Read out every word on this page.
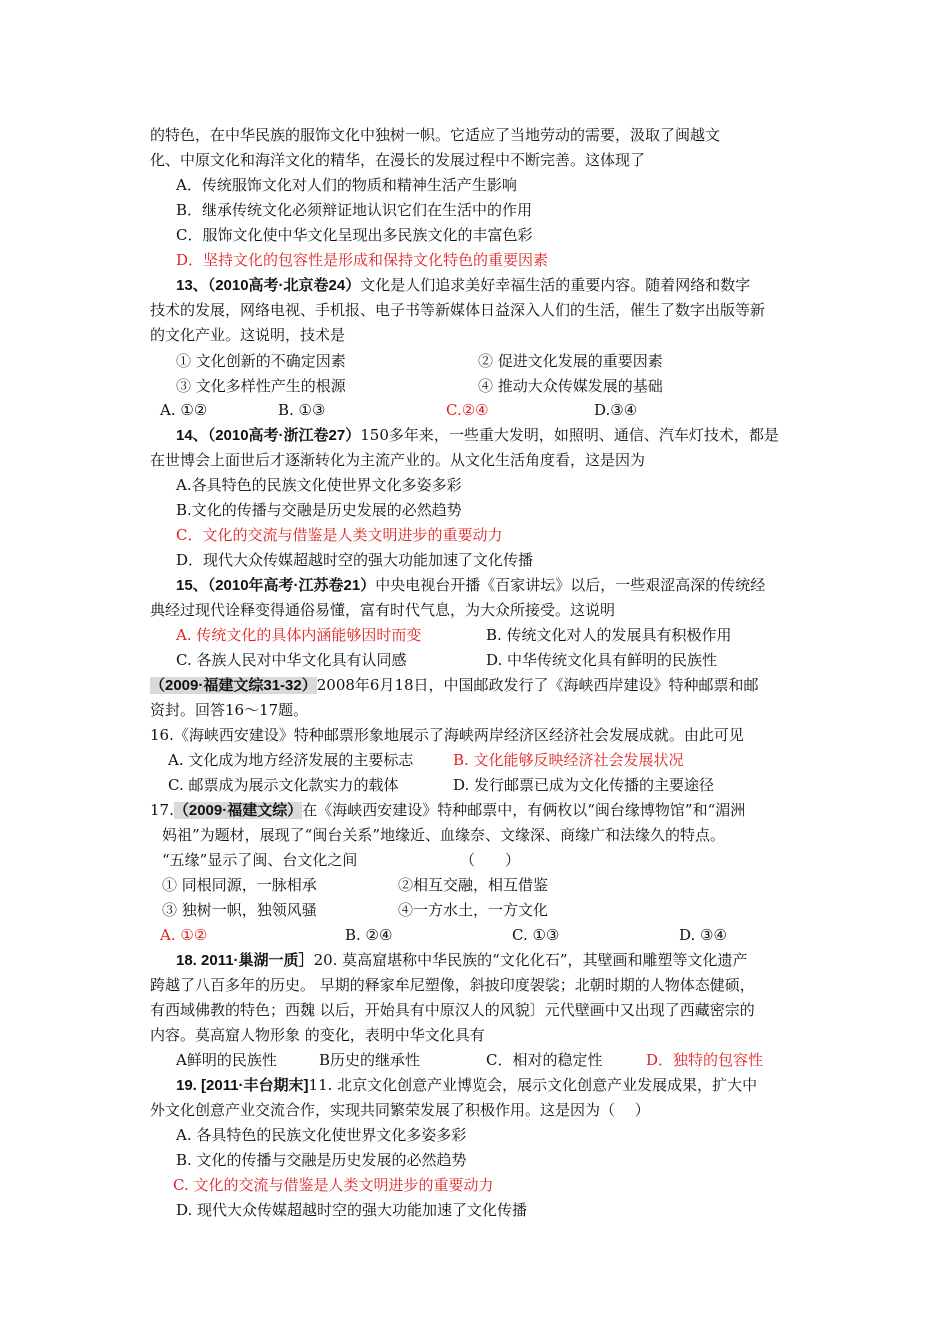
的特色，在中华民族的服饰文化中独树一帜。它适应了当地劳动的需要，汲取了闽越文
化、中原文化和海洋文化的精华，在漫长的发展过程中不断完善。这体现了
A．传统服饰文化对人们的物质和精神生活产生影响
B．继承传统文化必须辩证地认识它们在生活中的作用
C．服饰文化使中华文化呈现出多民族文化的丰富色彩
D．坚持文化的包容性是形成和保持文化特色的重要因素
13、（2010高考·北京卷24）文化是人们追求美好幸福生活的重要内容。随着网络和数字
技术的发展，网络电视、手机报、电子书等新媒体日益深入人们的生活，催生了数字出版等新
的文化产业。这说明，技术是
① 文化创新的不确定因素	② 促进文化发展的重要因素
③ 文化多样性产生的根源	④ 推动大众传媒发展的基础
A. ①②	B. ①③	C.②④	D.③④
14、（2010高考·浙江卷27）150多年来，一些重大发明，如照明、通信、汽车灯技术，都是
在世博会上面世后才逐渐转化为主流产业的。从文化生活角度看，这是因为
A.各具特色的民族文化使世界文化多姿多彩
B.文化的传播与交融是历史发展的必然趋势
C．文化的交流与借鉴是人类文明进步的重要动力
D．现代大众传媒超越时空的强大功能加速了文化传播
15、（2010年高考·江苏卷21）中央电视台开播《百家讲坛》以后，一些艰涩高深的传统经
典经过现代诠释变得通俗易懂，富有时代气息，为大众所接受。这说明
A. 传统文化的具体内涵能够因时而变	B. 传统文化对人的发展具有积极作用
C. 各族人民对中华文化具有认同感	D. 中华传统文化具有鲜明的民族性
（2009·福建文综31-32）2008年6月18日，中国邮政发行了《海峡西岸建设》特种邮票和邮
资封。回答16～17题。
16.《海峡西安建设》特种邮票形象地展示了海峡两岸经济区经济社会发展成就。由此可见
A. 文化成为地方经济发展的主要标志	B. 文化能够反映经济社会发展状况
C. 邮票成为展示文化款实力的载体	D. 发行邮票已成为文化传播的主要途径
17.（2009·福建文综）在《海峡西安建设》特种邮票中，有俩枚以“闽台缘博物馆”和“湄洲
妈祖”为题材，展现了“闽台关系”地缘近、血缘奈、文缘深、商缘广和法缘久的特点。
“五缘”显示了闽、台文化之间	（　　）
① 同根同源，一脉相承	②相互交融，相互借鉴
③ 独树一帜，独领风骚	④一方水土，一方文化
A. ①②	B. ②④	C. ①③	D. ③④
18. 2011·巢湖一质］20. 莫高窟堪称中华民族的“文化化石”，其壁画和雕塑等文化遗产
跨越了八百多年的历史。 早期的释家牟尼塑像，斜披印度袈裟；北朝时期的人物体态健硕，
有西域佛教的特色；西魏 以后，开始具有中原汉人的风貌〕元代壁画中又出现了西藏密宗的
内容。莫高窟人物形象 的变化，表明中华文化具有
A鲜明的民族性	B历史的继承性	C．相对的稳定性	D．独特的包容性
19. [2011·丰台期末]11. 北京文化创意产业博览会，展示文化创意产业发展成果，扩大中
外文化创意产业交流合作，实现共同繁荣发展了积极作用。这是因为（　 ）
A. 各具特色的民族文化使世界文化多姿多彩
B. 文化的传播与交融是历史发展的必然趋势
C. 文化的交流与借鉴是人类文明进步的重要动力
D. 现代大众传媒超越时空的强大功能加速了文化传播
